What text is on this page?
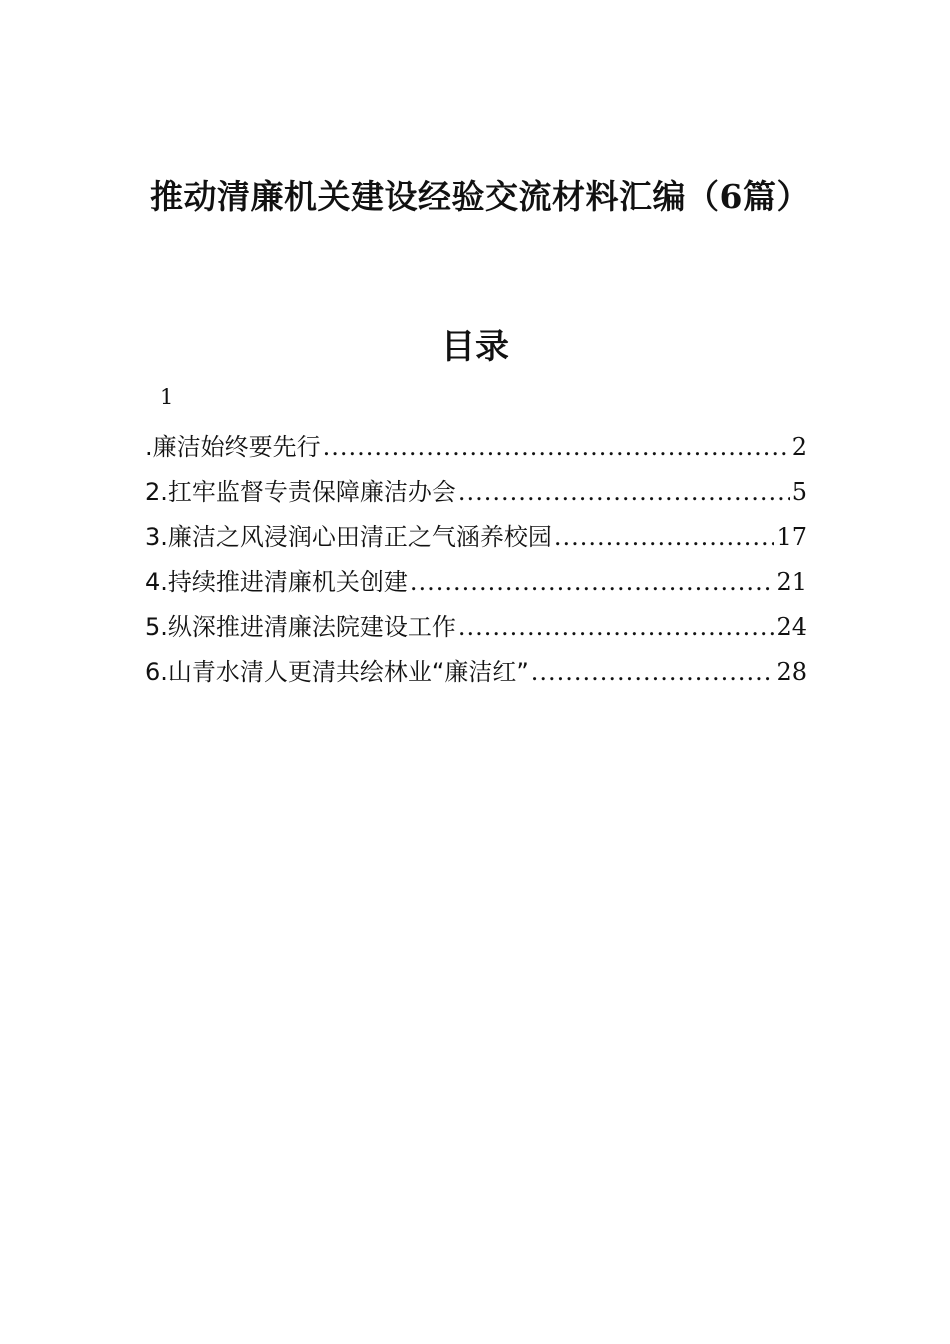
推动清廉机关建设经验交流材料汇编（6篇）
目录
1
.廉洁始终要先行 .....	2
2.扛牢监督专责保障廉洁办会 .....	5
3.廉洁之风浸润心田清正之气涵养校园 .....	17
4.持续推进清廉机关创建 .....	21
5.纵深推进清廉法院建设工作 .....	24
6.山青水清人更清共绘林业“廉洁红” .....	28
